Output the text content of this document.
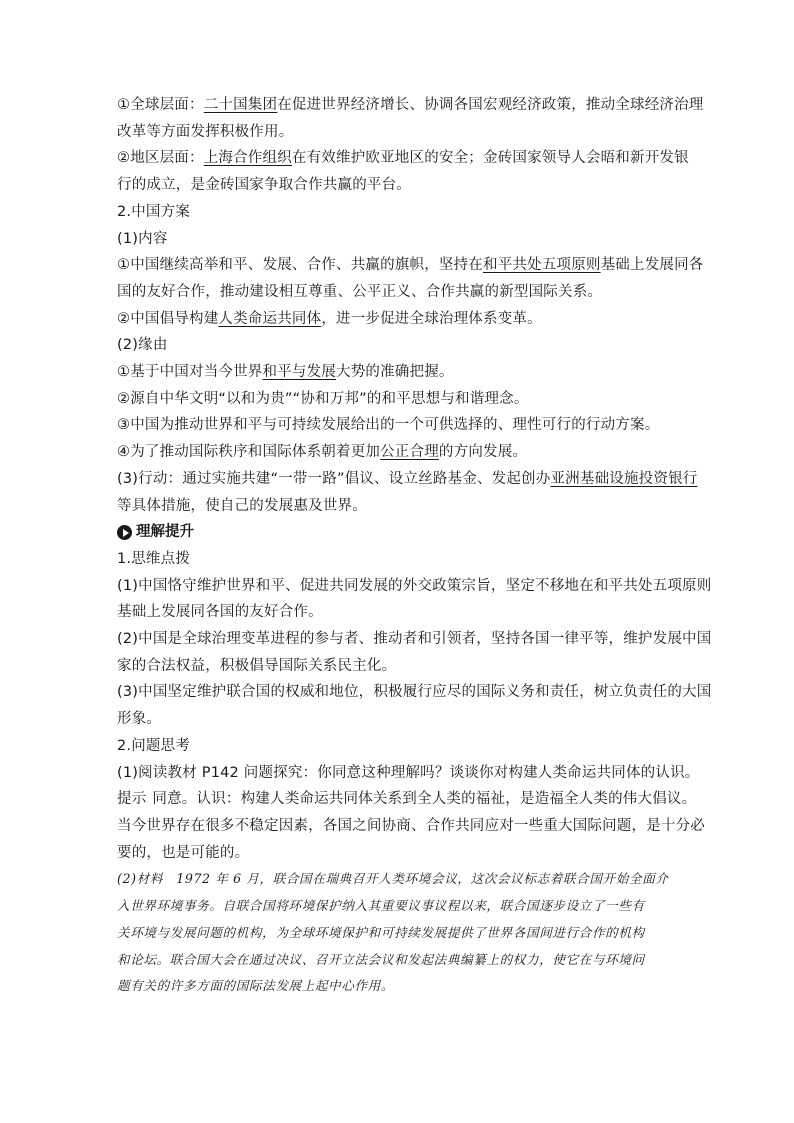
①全球层面：二十国集团在促进世界经济增长、协调各国宏观经济政策，推动全球经济治理
改革等方面发挥积极作用。
②地区层面：上海合作组织在有效维护欧亚地区的安全；金砖国家领导人会晤和新开发银
行的成立，是金砖国家争取合作共赢的平台。
2.中国方案
(1)内容
①中国继续高举和平、发展、合作、共赢的旗帜，坚持在和平共处五项原则基础上发展同各
国的友好合作，推动建设相互尊重、公平正义、合作共赢的新型国际关系。
②中国倡导构建人类命运共同体，进一步促进全球治理体系变革。
(2)缘由
①基于中国对当今世界和平与发展大势的准确把握。
②源自中华文明“以和为贵”“协和万邦”的和平思想与和谐理念。
③中国为推动世界和平与可持续发展给出的一个可供选择的、理性可行的行动方案。
④为了推动国际秩序和国际体系朝着更加公正合理的方向发展。
(3)行动：通过实施共建“一带一路”倡议、设立丝路基金、发起创办亚洲基础设施投资银行
等具体措施，使自己的发展惠及世界。
理解提升
1.思维点拨
(1)中国恪守维护世界和平、促进共同发展的外交政策宗旨，坚定不移地在和平共处五项原则
基础上发展同各国的友好合作。
(2)中国是全球治理变革进程的参与者、推动者和引领者，坚持各国一律平等，维护发展中国
家的合法权益，积极倡导国际关系民主化。
(3)中国坚定维护联合国的权威和地位，积极履行应尽的国际义务和责任，树立负责任的大国
形象。
2.问题思考
(1)阅读教材 P142 问题探究：你同意这种理解吗？谈谈你对构建人类命运共同体的认识。
提示 同意。认识：构建人类命运共同体关系到全人类的福祉，是造福全人类的伟大倡议。
当今世界存在很多不稳定因素，各国之间协商、合作共同应对一些重大国际问题，是十分必
要的，也是可能的。
(2)材料　1972 年 6 月，联合国在瑞典召开人类环境会议，这次会议标志着联合国开始全面介
入世界环境事务。自联合国将环境保护纳入其重要议事议程以来，联合国逐步设立了一些有
关环境与发展问题的机构，为全球环境保护和可持续发展提供了世界各国间进行合作的机构
和论坛。联合国大会在通过决议、召开立法会议和发起法典编纂上的权力，使它在与环境问
题有关的许多方面的国际法发展上起中心作用。
